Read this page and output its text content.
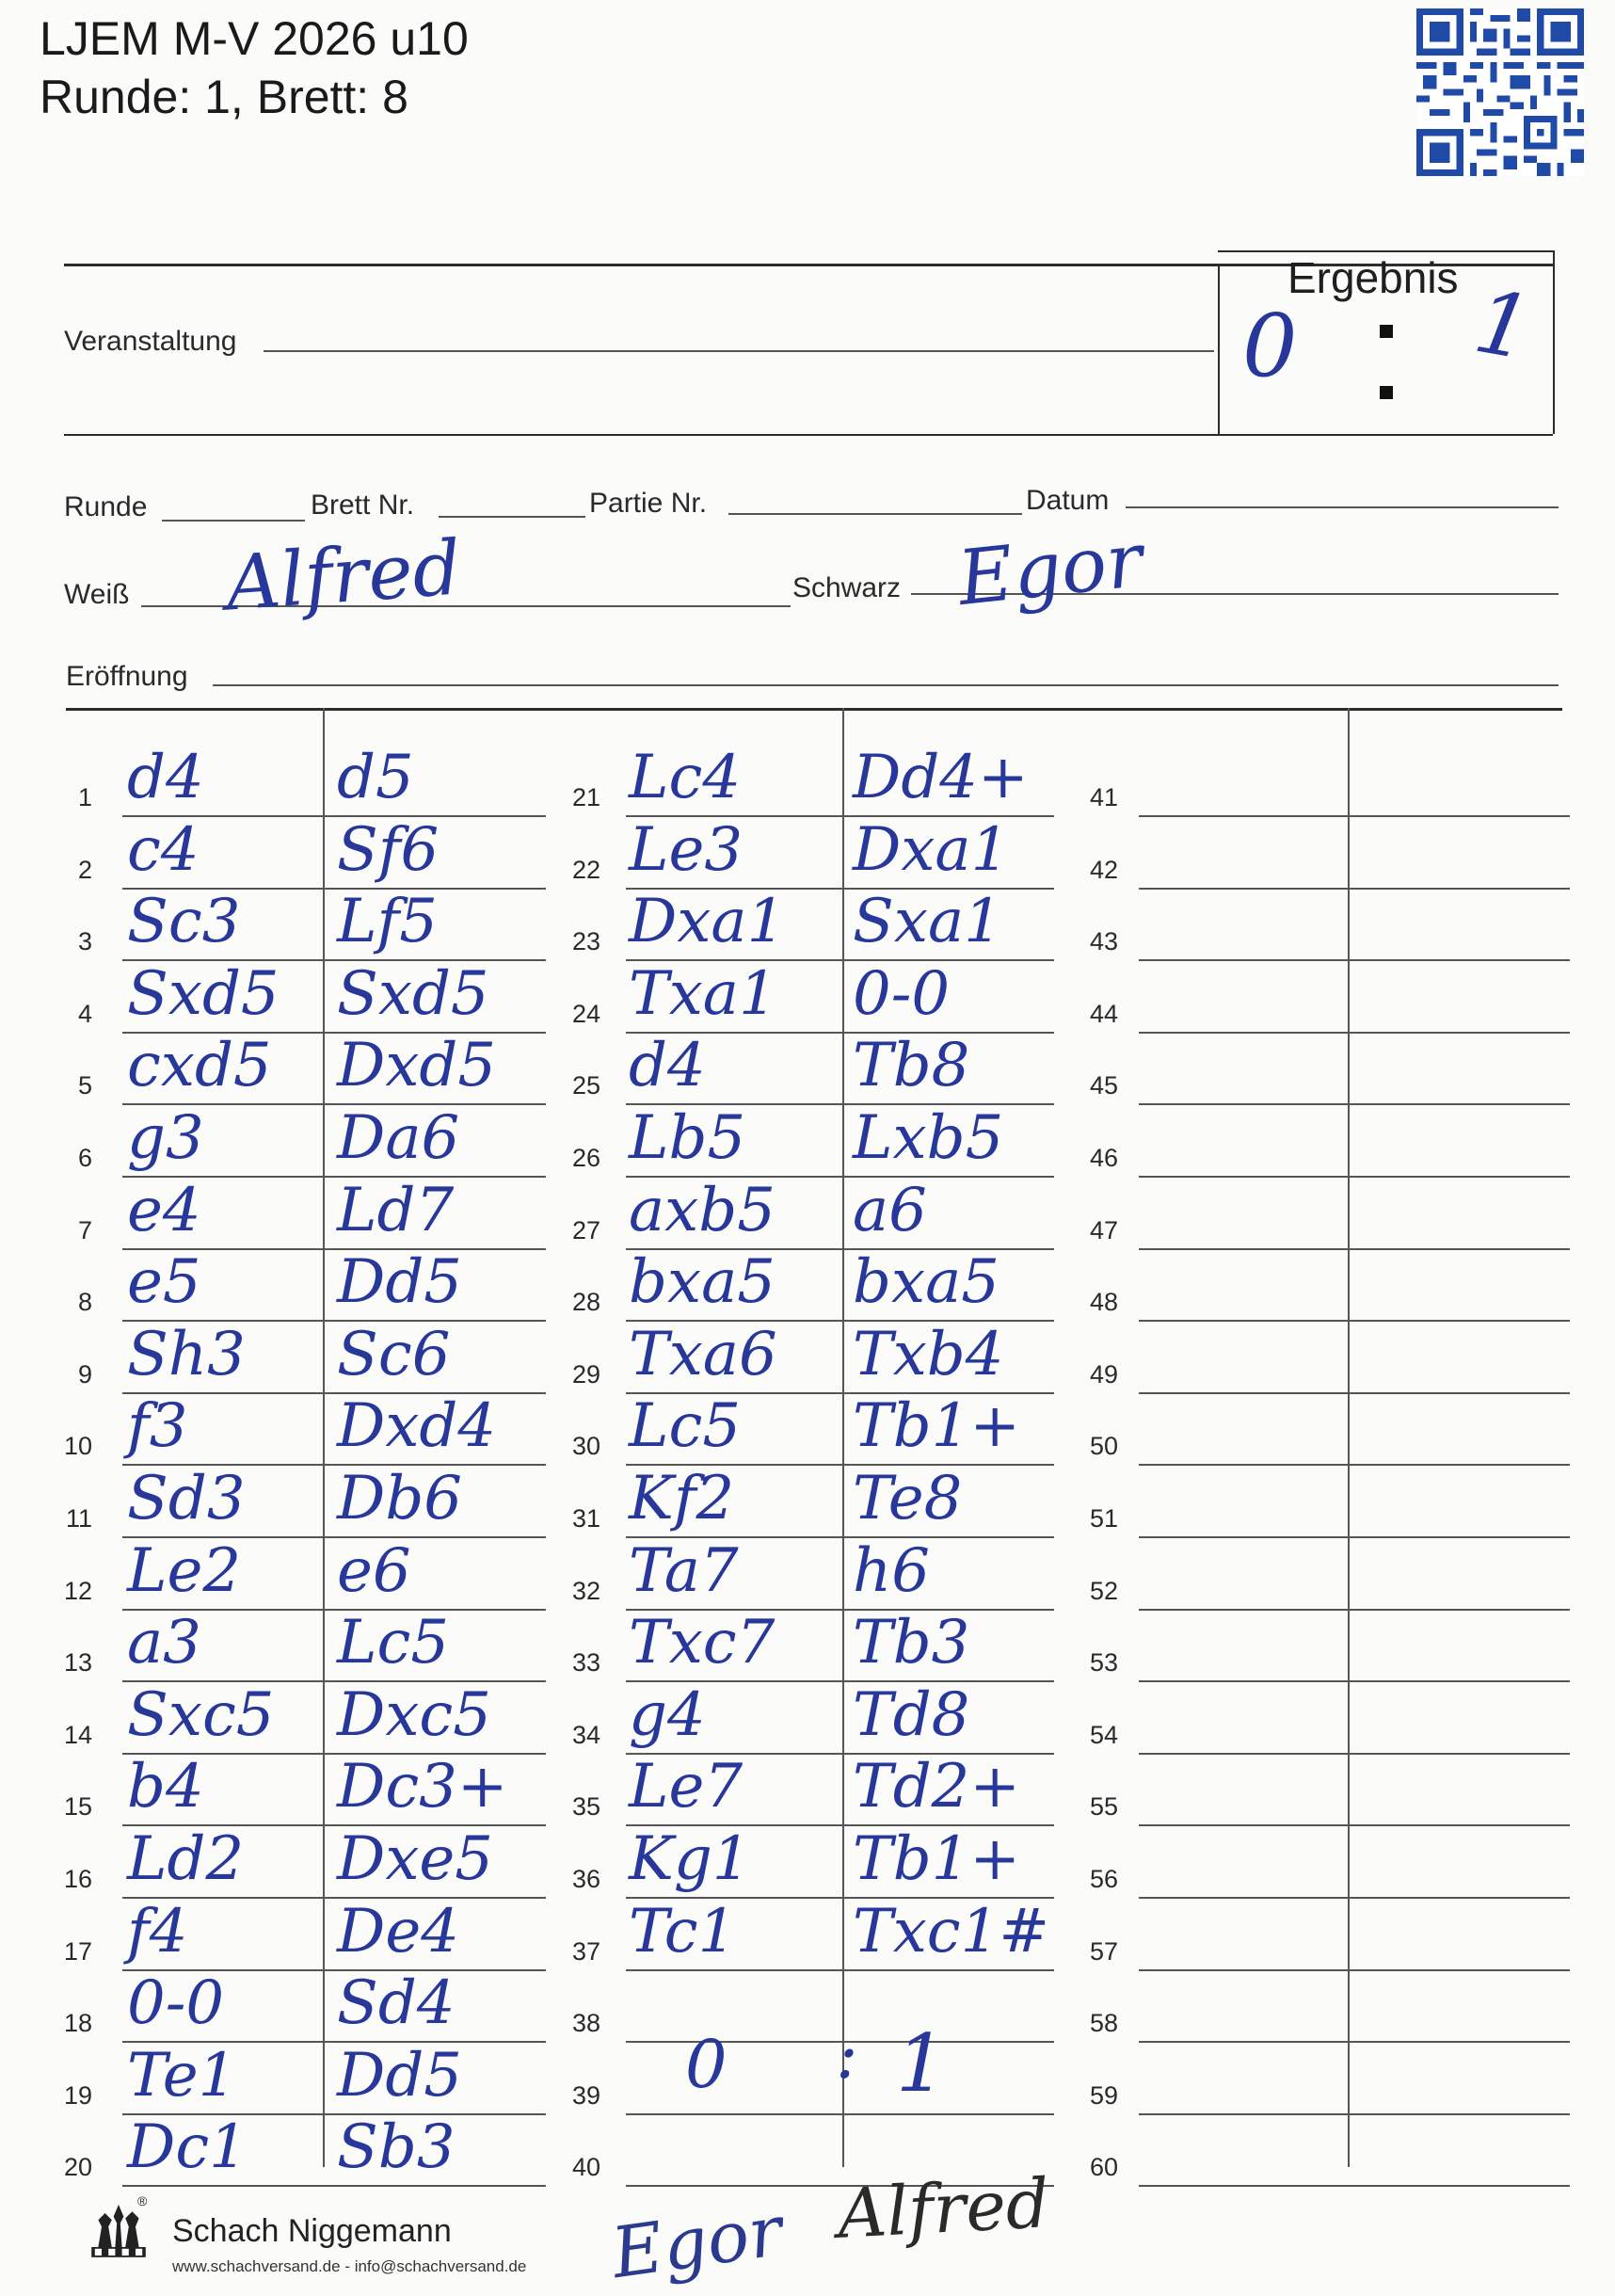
LJEM M-V 2026 u10
Runde: 1, Brett: 8
Veranstaltung
Ergebnis
0 1
Runde	Brett Nr.	Partie Nr.	Datum
Weiß Alfred	Schwarz Egor
Eröffnung
1 d4 d5
2 c4 Sf6
3 Sc3 Lf5
4 Sxd5 Sxd5
5 cxd5 Dxd5
6 g3 Da6
7 e4 Ld7
8 e5 Dd5
9 Sh3 Sc6
10 f3 Dxd4
11 Sd3 Db6
12 Le2 e6
13 a3 Lc5
14 Sxc5 Dxc5
15 b4 Dc3+
16 Ld2 Dxe5
17 f4 De4
18 0-0 Sd4
19 Te1 Dd5
20 Dc1 Sb3
21 Lc4 Dd4+
22 Le3 Dxa1
23 Dxa1 Sxa1
24 Txa1 0-0
25 d4 Tb8
26 Lb5 Lxb5
27 axb5 a6
28 bxa5 bxa5
29 Txa6 Txb4
30 Lc5 Tb1+
31 Kf2 Te8
32 Ta7 h6
33 Txc7 Tb3
34 g4 Td8
35 Le7 Td2+
36 Kg1 Tb1+
37 Tc1 Txc1#
38
39
40
41
42
43
44
45
46
47
48
49
50
51
52
53
54
55
56
57
58
59
60
0 : 1
Egor Alfred
®
Schach Niggemann
www.schachversand.de - info@schachversand.de
